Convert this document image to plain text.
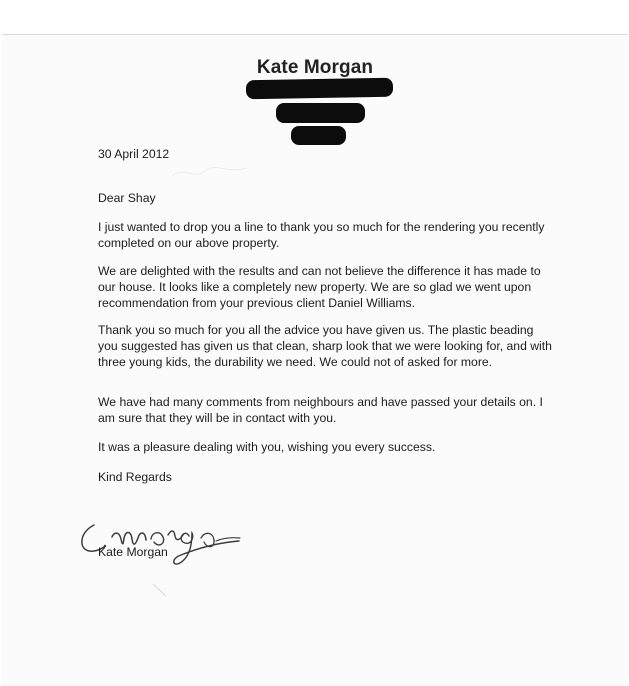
Kate Morgan
30 April 2012
Dear Shay
I just wanted to drop you a line to thank you so much for the rendering you recently completed on our above property.
We are delighted with the results and can not believe the difference it has made to our house. It looks like a completely new property. We are so glad we went upon recommendation from your previous client Daniel Williams.
Thank you so much for you all the advice you have given us. The plastic beading you suggested has given us that clean, sharp look that we were looking for, and with three young kids, the durability we need. We could not of asked for more.
We have had many comments from neighbours and have passed your details on. I am sure that they will be in contact with you.
It was a pleasure dealing with you, wishing you every success.
Kind Regards
Kate Morgan
